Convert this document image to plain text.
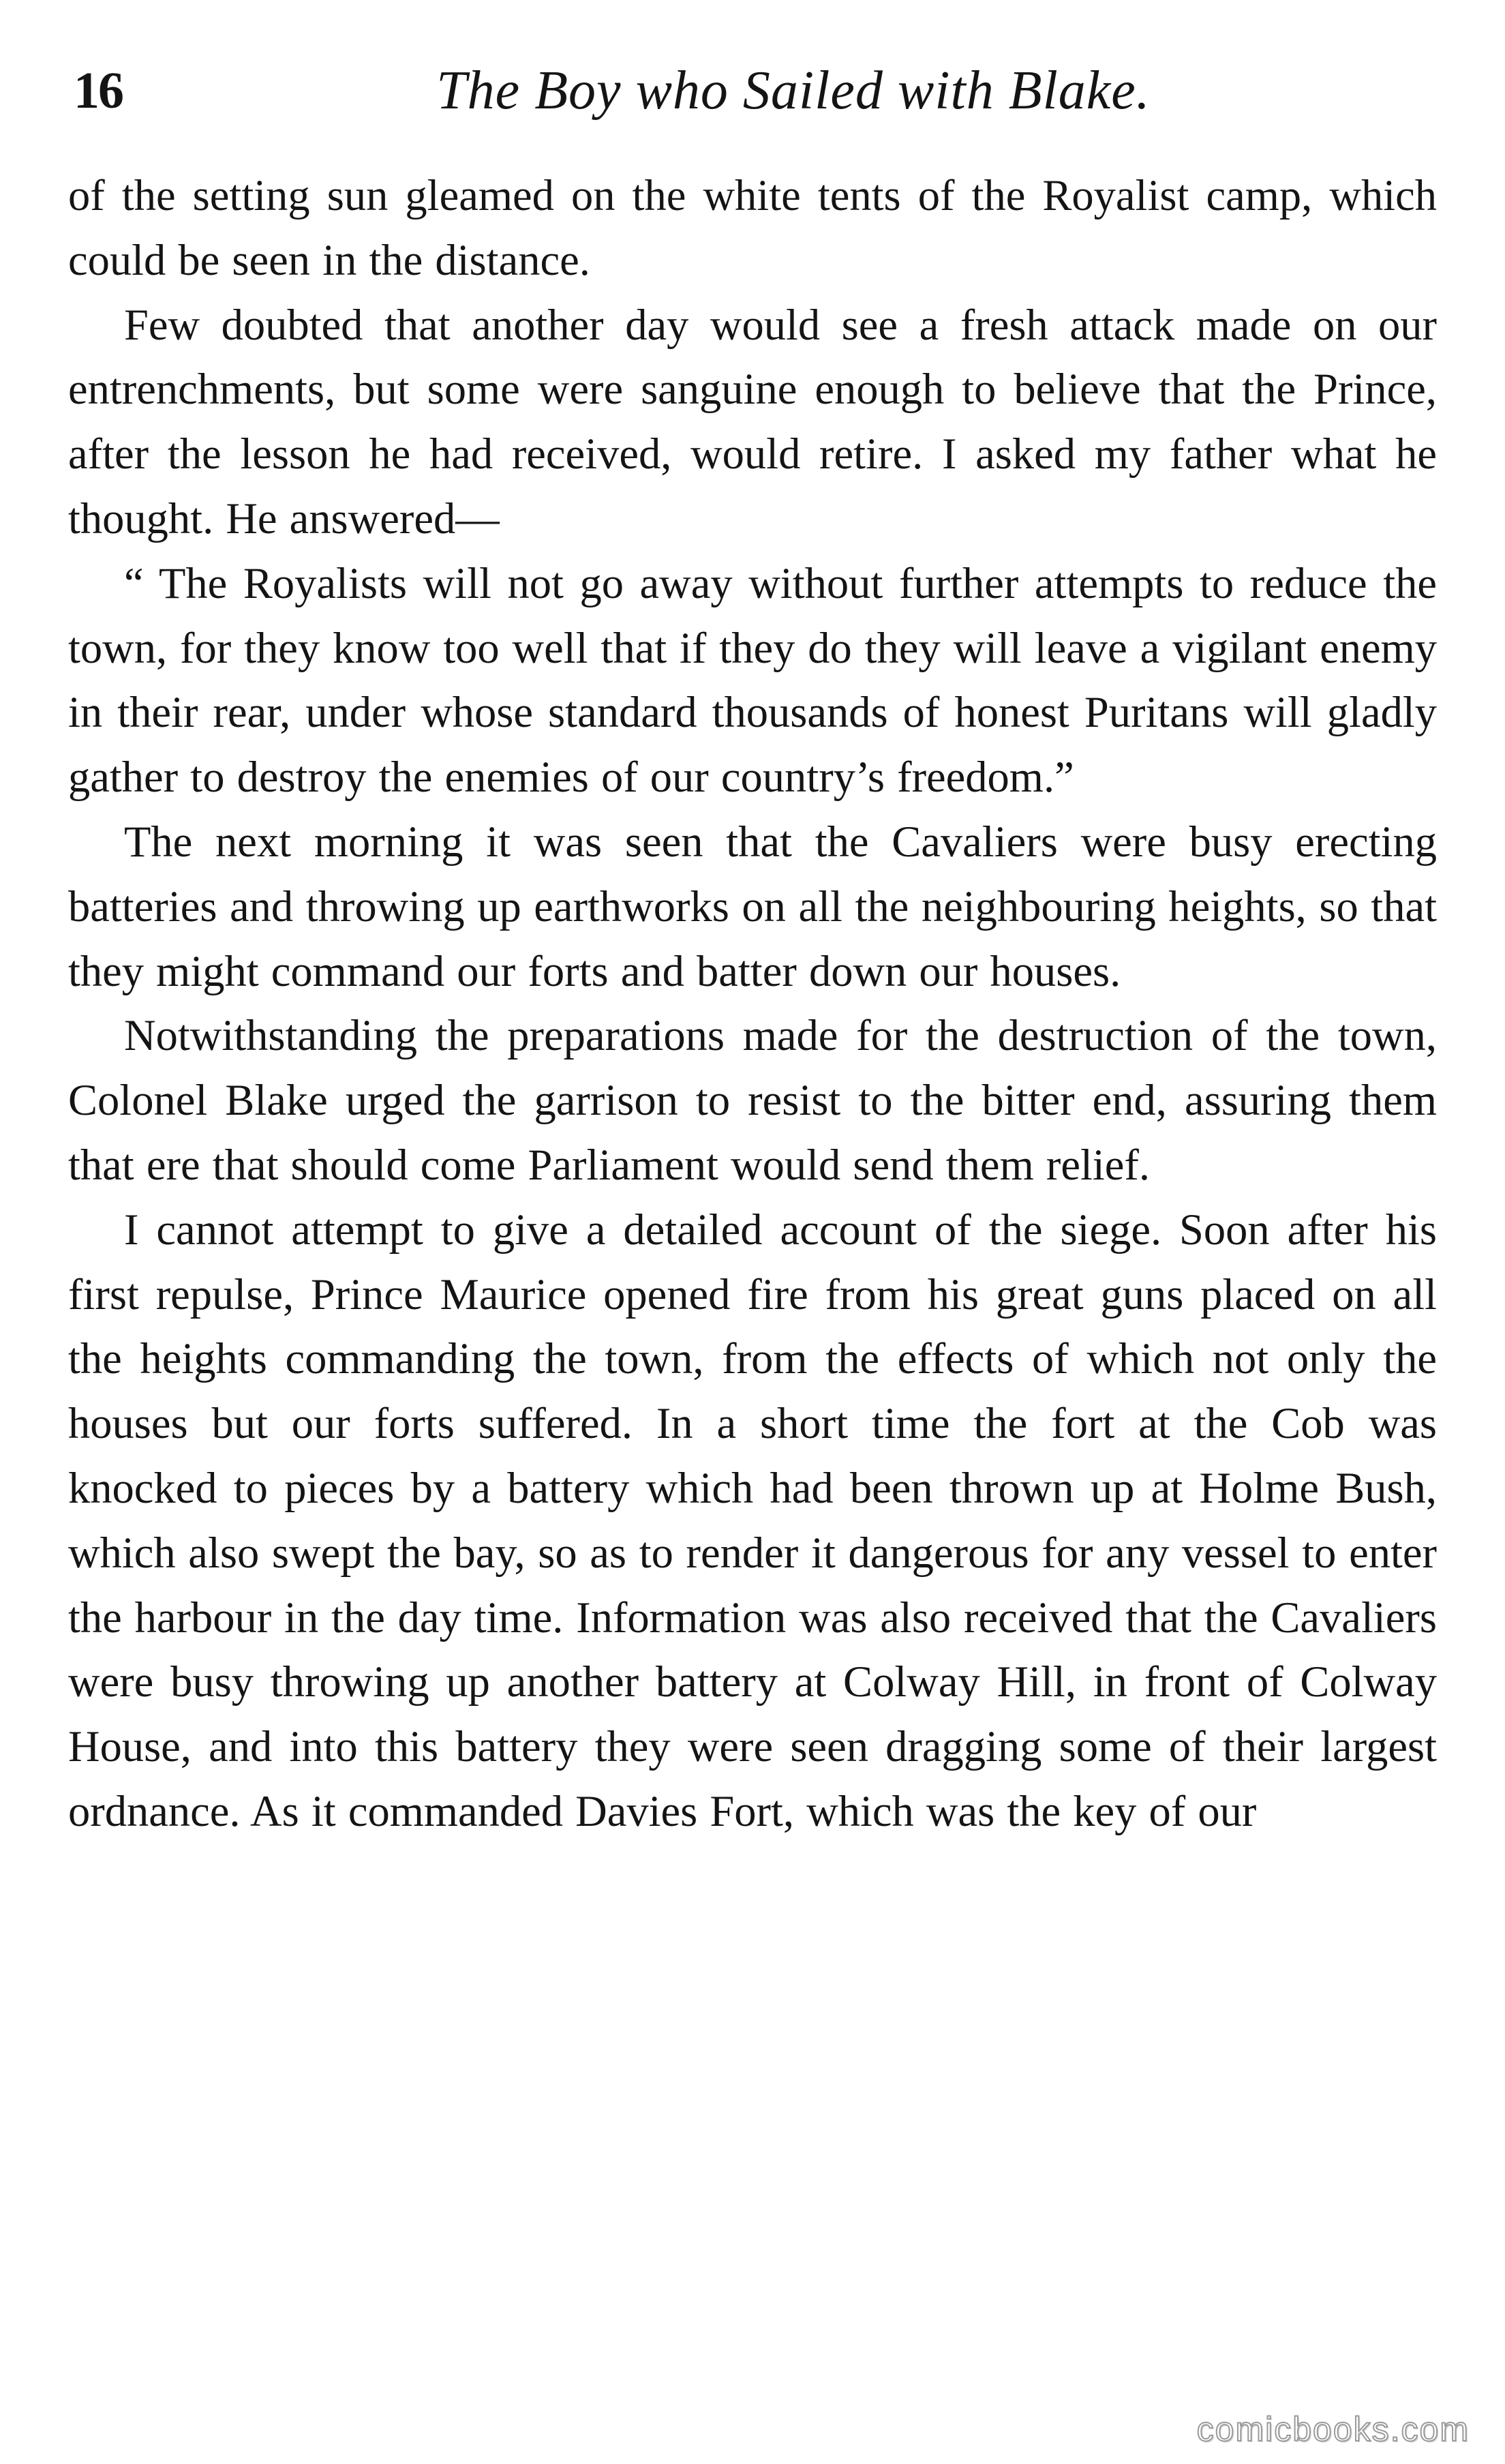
16	The Boy who Sailed with Blake.

of the setting sun gleamed on the white tents of the Royalist camp, which could be seen in the distance.

Few doubted that another day would see a fresh attack made on our entrenchments, but some were sanguine enough to believe that the Prince, after the lesson he had received, would retire. I asked my father what he thought. He answered—

“ The Royalists will not go away without further attempts to reduce the town, for they know too well that if they do they will leave a vigilant enemy in their rear, under whose standard thousands of honest Puritans will gladly gather to destroy the enemies of our country’s freedom.”

The next morning it was seen that the Cavaliers were busy erecting batteries and throwing up earthworks on all the neighbouring heights, so that they might command our forts and batter down our houses.

Notwithstanding the preparations made for the destruction of the town, Colonel Blake urged the garrison to resist to the bitter end, assuring them that ere that should come Parliament would send them relief.

I cannot attempt to give a detailed account of the siege. Soon after his first repulse, Prince Maurice opened fire from his great guns placed on all the heights commanding the town, from the effects of which not only the houses but our forts suffered. In a short time the fort at the Cob was knocked to pieces by a battery which had been thrown up at Holme Bush, which also swept the bay, so as to render it dangerous for any vessel to enter the harbour in the day time. Information was also received that the Cavaliers were busy throwing up another battery at Colway Hill, in front of Colway House, and into this battery they were seen dragging some of their largest ordnance. As it commanded Davies Fort, which was the key of our

comicbooks.com
